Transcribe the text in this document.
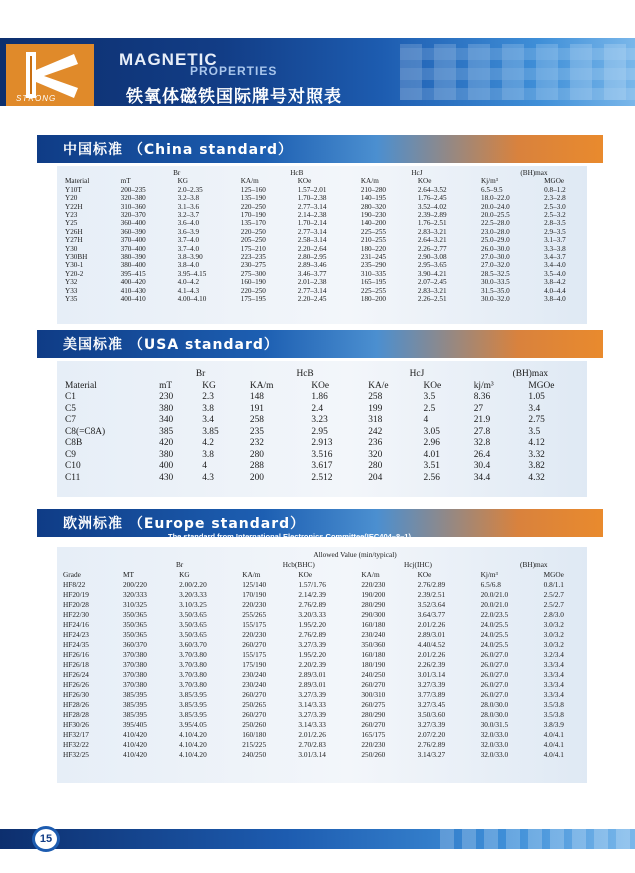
STRONG
MAGNETIC
PROPERTIES
铁氧体磁铁国际牌号对照表
中国标准 （China standard）
	Br		HcB		HcJ		(BH)max	
Material	mT	KG	KA/m	KOe	KA/m	KOe	Kj/m³	MGOe
Y10T	200–235	2.0–2.35	125–160	1.57–2.01	210–280	2.64–3.52	6.5–9.5	0.8–1.2
Y20	320–380	3.2–3.8	135–190	1.70–2.38	140–195	1.76–2.45	18.0–22.0	2.3–2.8
Y22H	310–360	3.1–3.6	220–250	2.77–3.14	280–320	3.52–4.02	20.0–24.0	2.5–3.0
Y23	320–370	3.2–3.7	170–190	2.14–2.38	190–230	2.39–2.89	20.0–25.5	2.5–3.2
Y25	360–400	3.6–4.0	135–170	1.70–2.14	140–200	1.76–2.51	22.5–28.0	2.8–3.5
Y26H	360–390	3.6–3.9	220–250	2.77–3.14	225–255	2.83–3.21	23.0–28.0	2.9–3.5
Y27H	370–400	3.7–4.0	205–250	2.58–3.14	210–255	2.64–3.21	25.0–29.0	3.1–3.7
Y30	370–400	3.7–4.0	175–210	2.20–2.64	180–220	2.26–2.77	26.0–30.0	3.3–3.8
Y30BH	380–390	3.8–3.90	223–235	2.80–2.95	231–245	2.90–3.08	27.0–30.0	3.4–3.7
Y30-1	380–400	3.8–4.0	230–275	2.89–3.46	235–290	2.95–3.65	27.0–32.0	3.4–4.0
Y20-2	395–415	3.95–4.15	275–300	3.46–3.77	310–335	3.90–4.21	28.5–32.5	3.5–4.0
Y32	400–420	4.0–4.2	160–190	2.01–2.38	165–195	2.07–2.45	30.0–33.5	3.8–4.2
Y33	410–430	4.1–4.3	220–250	2.77–3.14	225–255	2.83–3.21	31.5–35.0	4.0–4.4
Y35	400–410	4.00–4.10	175–195	2.20–2.45	180–200	2.26–2.51	30.0–32.0	3.8–4.0
美国标准 （USA standard）
	Br		HcB		HcJ		(BH)max	
Material	mT	KG	KA/m	KOe	KA/e	KOe	kj/m³	MGOe
C1	230	2.3	148	1.86	258	3.5	8.36	1.05
C5	380	3.8	191	2.4	199	2.5	27	3.4
C7	340	3.4	258	3.23	318	4	21.9	2.75
C8(=C8A)	385	3.85	235	2.95	242	3.05	27.8	3.5
C8B	420	4.2	232	2.913	236	2.96	32.8	4.12
C9	380	3.8	280	3.516	320	4.01	26.4	3.32
C10	400	4	288	3.617	280	3.51	30.4	3.82
C11	430	4.3	200	2.512	204	2.56	34.4	4.32
欧洲标准 （Europe standard）
The standard from International Electronics Committee(IEC404–8–1)
	Allowed Value (min/typical)							
	Br		Hcb(BHC)		Hcj(IHC)		(BH)max	
Grade	MT	KG	KA/m	KOe	KA/m	KOe	Kj/m³	MGOe
HF8/22	200/220	2.00/2.20	125/140	1.57/1.76	220/230	2.76/2.89	6.5/6.8	0.8/1.1
HF20/19	320/333	3.20/3.33	170/190	2.14/2.39	190/200	2.39/2.51	20.0/21.0	2.5/2.7
HF20/28	310/325	3.10/3.25	220/230	2.76/2.89	280/290	3.52/3.64	20.0/21.0	2.5/2.7
HF22/30	350/365	3.50/3.65	255/265	3.20/3.33	290/300	3.64/3.77	22.0/23.5	2.8/3.0
HF24/16	350/365	3.50/3.65	155/175	1.95/2.20	160/180	2.01/2.26	24.0/25.5	3.0/3.2
HF24/23	350/365	3.50/3.65	220/230	2.76/2.89	230/240	2.89/3.01	24.0/25.5	3.0/3.2
HF24/35	360/370	3.60/3.70	260/270	3.27/3.39	350/360	4.40/4.52	24.0/25.5	3.0/3.2
HF26/16	370/380	3.70/3.80	155/175	1.95/2.20	160/180	2.01/2.26	26.0/27.0	3.2/3.4
HF26/18	370/380	3.70/3.80	175/190	2.20/2.39	180/190	2.26/2.39	26.0/27.0	3.3/3.4
HF26/24	370/380	3.70/3.80	230/240	2.89/3.01	240/250	3.01/3.14	26.0/27.0	3.3/3.4
HF26/26	370/380	3.70/3.80	230/240	2.89/3.01	260/270	3.27/3.39	26.0/27.0	3.3/3.4
HF26/30	385/395	3.85/3.95	260/270	3.27/3.39	300/310	3.77/3.89	26.0/27.0	3.3/3.4
HF28/26	385/395	3.85/3.95	250/265	3.14/3.33	260/275	3.27/3.45	28.0/30.0	3.5/3.8
HF28/28	385/395	3.85/3.95	260/270	3.27/3.39	280/290	3.50/3.60	28.0/30.0	3.5/3.8
HF30/26	395/405	3.95/4.05	250/260	3.14/3.33	260/270	3.27/3.39	30.0/31.5	3.8/3.9
HF32/17	410/420	4.10/4.20	160/180	2.01/2.26	165/175	2.07/2.20	32.0/33.0	4.0/4.1
HF32/22	410/420	4.10/4.20	215/225	2.70/2.83	220/230	2.76/2.89	32.0/33.0	4.0/4.1
HF32/25	410/420	4.10/4.20	240/250	3.01/3.14	250/260	3.14/3.27	32.0/33.0	4.0/4.1
15
